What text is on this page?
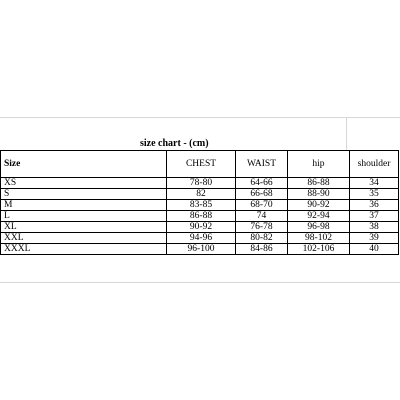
size chart - (cm)
Size	CHEST	WAIST	hip	shoulder
XS	78-80	64-66	86-88	34
S	82	66-68	88-90	35
M	83-85	68-70	90-92	36
L	86-88	74	92-94	37
XL	90-92	76-78	96-98	38
XXL	94-96	80-82	98-102	39
XXXL	96-100	84-86	102-106	40
